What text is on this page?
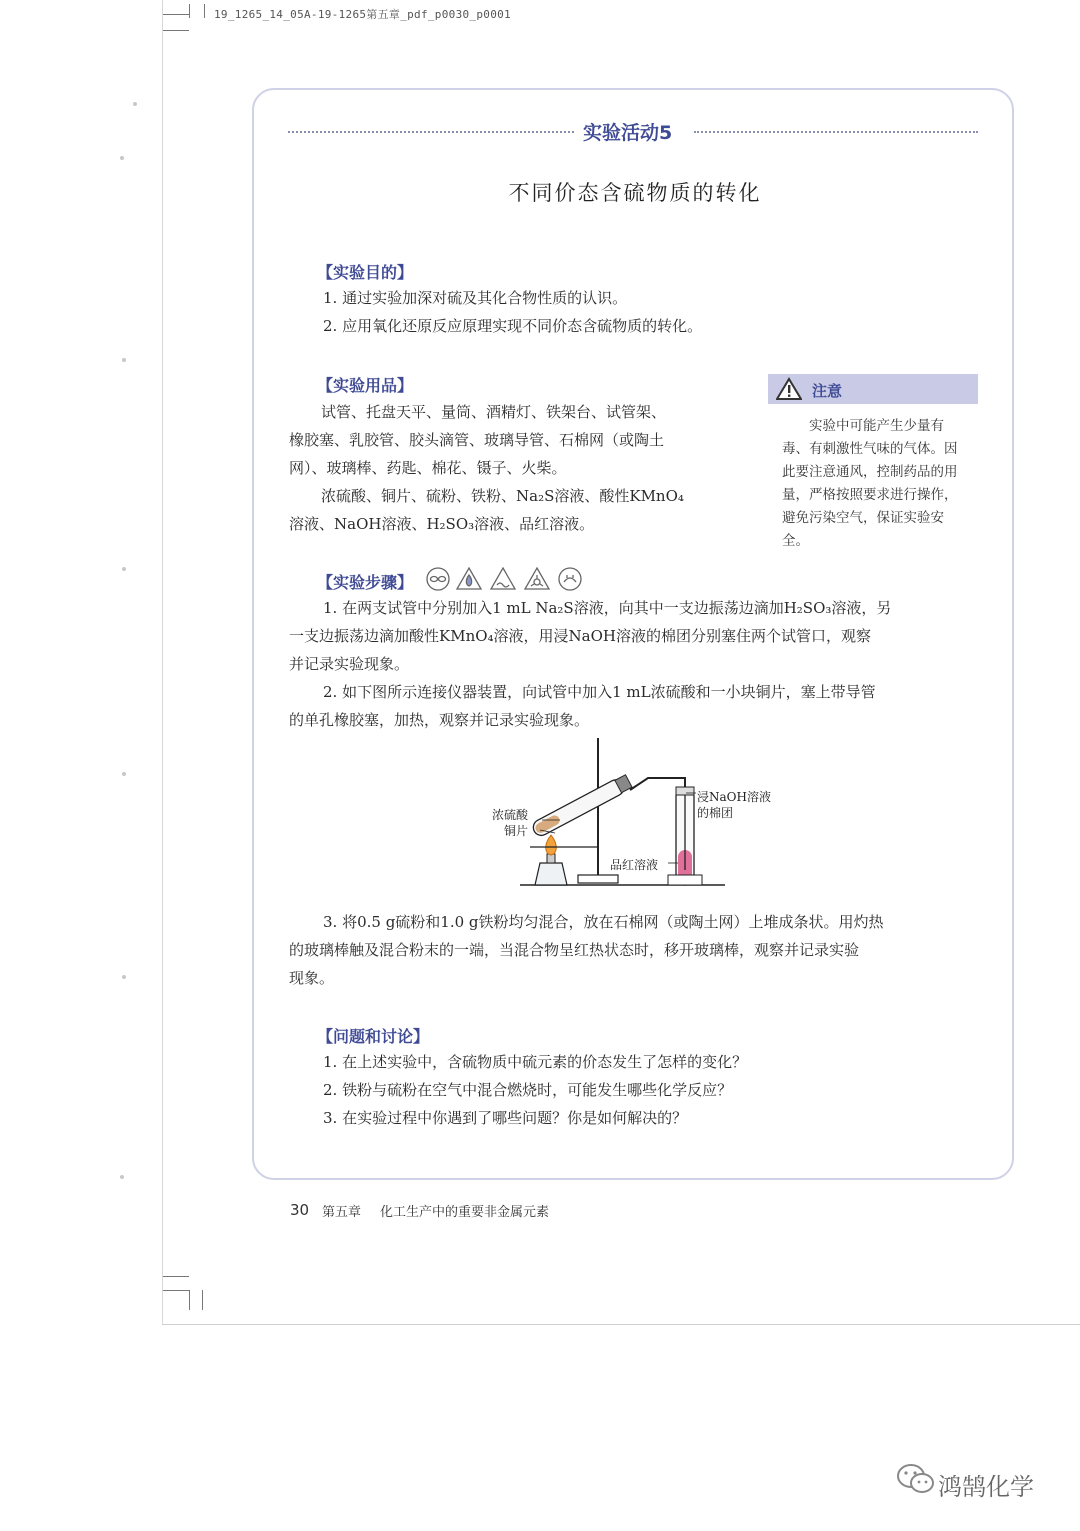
19_1265_14_05A-19-1265第五章_pdf_p0030_p0001
实验活动5
不同价态含硫物质的转化
【实验目的】
1. 通过实验加深对硫及其化合物性质的认识。
2. 应用氧化还原反应原理实现不同价态含硫物质的转化。
【实验用品】
试管、托盘天平、量筒、酒精灯、铁架台、试管架、
橡胶塞、乳胶管、胶头滴管、玻璃导管、石棉网（或陶土
网）、玻璃棒、药匙、棉花、镊子、火柴。
浓硫酸、铜片、硫粉、铁粉、Na₂S溶液、酸性KMnO₄
溶液、NaOH溶液、H₂SO₃溶液、品红溶液。
注意
实验中可能产生少量有毒、有刺激性气味的气体。因此要注意通风，控制药品的用量，严格按照要求进行操作，避免污染空气，保证实验安全。
【实验步骤】
1. 在两支试管中分别加入1 mL Na₂S溶液，向其中一支边振荡边滴加H₂SO₃溶液，另
一支边振荡边滴加酸性KMnO₄溶液，用浸NaOH溶液的棉团分别塞住两个试管口，观察
并记录实验现象。
2. 如下图所示连接仪器装置，向试管中加入1 mL浓硫酸和一小块铜片，塞上带导管
的单孔橡胶塞，加热，观察并记录实验现象。
浓硫酸
铜片
浸NaOH溶液
的棉团
品红溶液
3. 将0.5 g硫粉和1.0 g铁粉均匀混合，放在石棉网（或陶土网）上堆成条状。用灼热
的玻璃棒触及混合粉末的一端，当混合物呈红热状态时，移开玻璃棒，观察并记录实验
现象。
【问题和讨论】
1. 在上述实验中，含硫物质中硫元素的价态发生了怎样的变化？
2. 铁粉与硫粉在空气中混合燃烧时，可能发生哪些化学反应？
3. 在实验过程中你遇到了哪些问题？你是如何解决的？
30 第五章 化工生产中的重要非金属元素
鸿鹄化学
